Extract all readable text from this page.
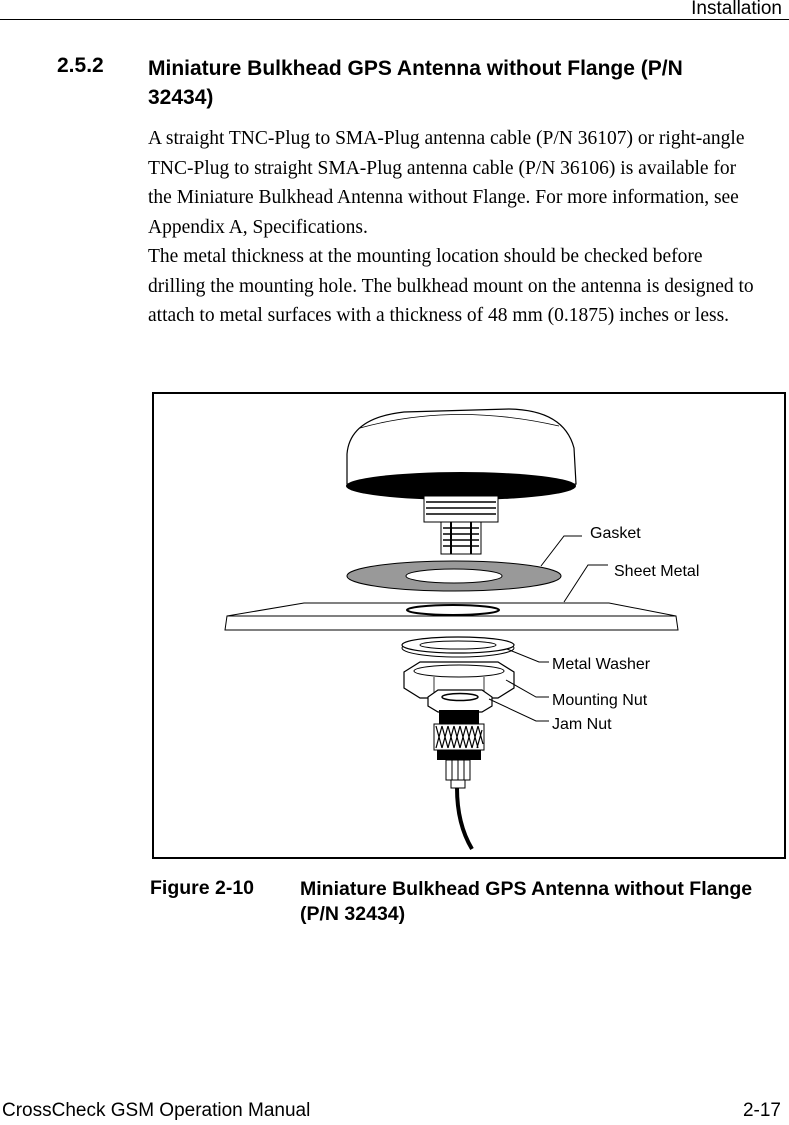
Installation
2.5.2 Miniature Bulkhead GPS Antenna without Flange (P/N 32434)

A straight TNC-Plug to SMA-Plug antenna cable (P/N 36107) or right-angle TNC-Plug to straight SMA-Plug antenna cable (P/N 36106) is available for the Miniature Bulkhead Antenna without Flange. For more information, see Appendix A, Specifications.

The metal thickness at the mounting location should be checked before drilling the mounting hole. The bulkhead mount on the antenna is designed to attach to metal surfaces with a thickness of 48 mm (0.1875) inches or less.

Gasket
Sheet Metal
Metal Washer
Mounting Nut
Jam Nut
Figure 2-10 Miniature Bulkhead GPS Antenna without Flange (P/N 32434)
CrossCheck GSM Operation Manual	2-17
